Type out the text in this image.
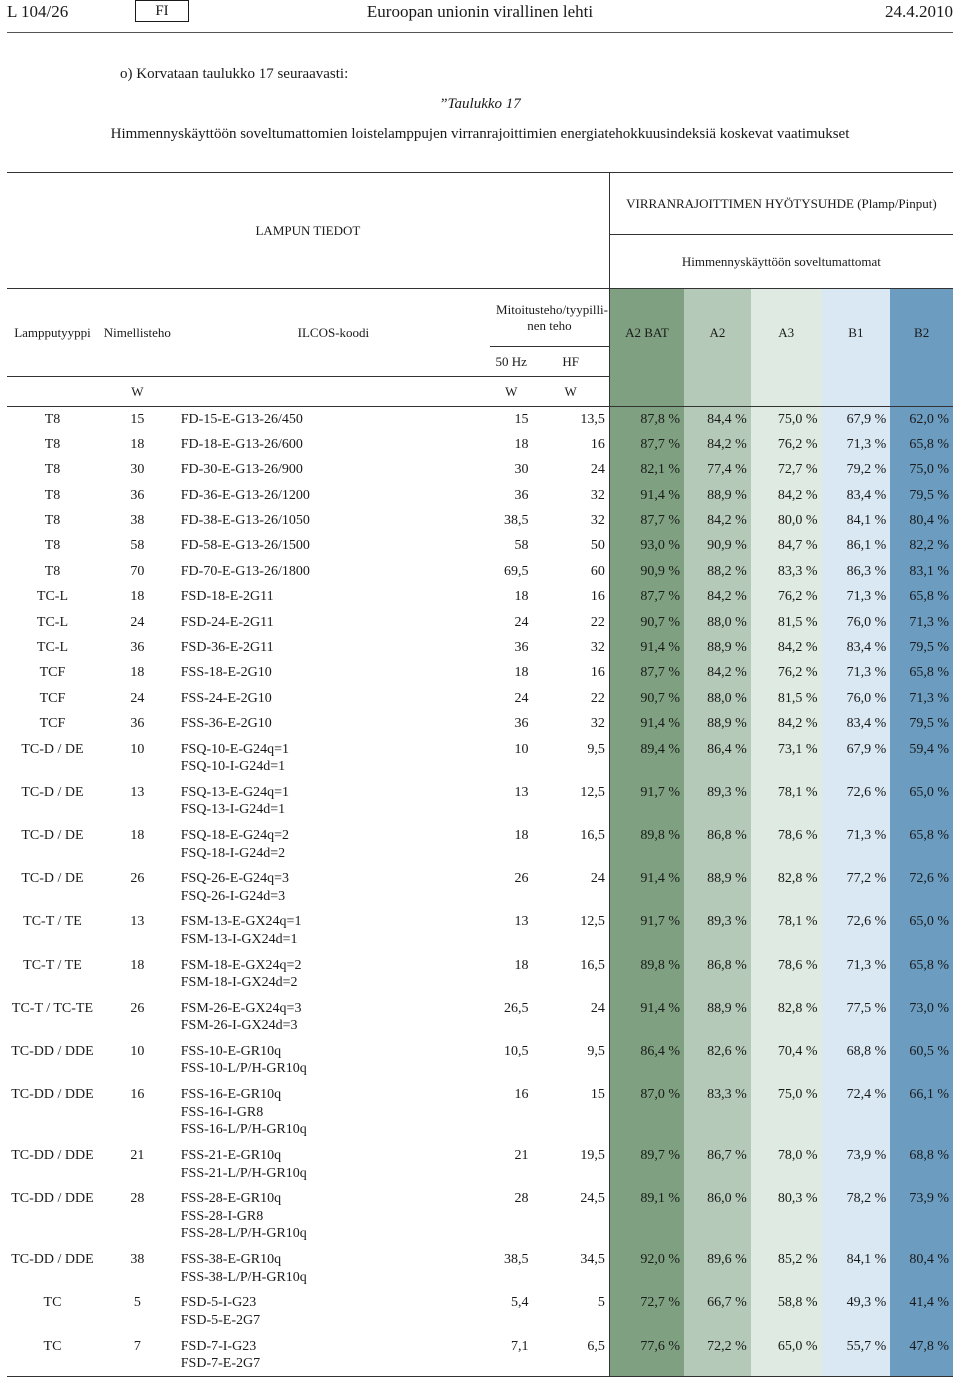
L 104/26	FI	Euroopan unionin virallinen lehti	24.4.2010
o) Korvataan taulukko 17 seuraavasti:
”Taulukko 17
Himmennyskäyttöön soveltumattomien loistelamppujen virranrajoittimien energiatehokkuusindeksiä koskevat vaatimukset
LAMPUN TIEDOT					VIRRANRAJOITTIMEN HYÖTYSUHDE (Plamp/Pinput)				
					Himmennyskäyttöön soveltumattomat				
Lampputyyppi	Nimellisteho	ILCOS-koodi	Mitoitusteho/tyypillinen teho		A2 BAT	A2	A3	B1	B2
			50 Hz	HF					
	W		W	W					
T8	15	FD-15-E-G13-26/450	15	13,5	87,8 %	84,4 %	75,0 %	67,9 %	62,0 %
T8	18	FD-18-E-G13-26/600	18	16	87,7 %	84,2 %	76,2 %	71,3 %	65,8 %
T8	30	FD-30-E-G13-26/900	30	24	82,1 %	77,4 %	72,7 %	79,2 %	75,0 %
T8	36	FD-36-E-G13-26/1200	36	32	91,4 %	88,9 %	84,2 %	83,4 %	79,5 %
T8	38	FD-38-E-G13-26/1050	38,5	32	87,7 %	84,2 %	80,0 %	84,1 %	80,4 %
T8	58	FD-58-E-G13-26/1500	58	50	93,0 %	90,9 %	84,7 %	86,1 %	82,2 %
T8	70	FD-70-E-G13-26/1800	69,5	60	90,9 %	88,2 %	83,3 %	86,3 %	83,1 %
TC-L	18	FSD-18-E-2G11	18	16	87,7 %	84,2 %	76,2 %	71,3 %	65,8 %
TC-L	24	FSD-24-E-2G11	24	22	90,7 %	88,0 %	81,5 %	76,0 %	71,3 %
TC-L	36	FSD-36-E-2G11	36	32	91,4 %	88,9 %	84,2 %	83,4 %	79,5 %
TCF	18	FSS-18-E-2G10	18	16	87,7 %	84,2 %	76,2 %	71,3 %	65,8 %
TCF	24	FSS-24-E-2G10	24	22	90,7 %	88,0 %	81,5 %	76,0 %	71,3 %
TCF	36	FSS-36-E-2G10	36	32	91,4 %	88,9 %	84,2 %	83,4 %	79,5 %
TC-D / DE	10	FSQ-10-E-G24q=1
FSQ-10-I-G24d=1	10	9,5	89,4 %	86,4 %	73,1 %	67,9 %	59,4 %
TC-D / DE	13	FSQ-13-E-G24q=1
FSQ-13-I-G24d=1	13	12,5	91,7 %	89,3 %	78,1 %	72,6 %	65,0 %
TC-D / DE	18	FSQ-18-E-G24q=2
FSQ-18-I-G24d=2	18	16,5	89,8 %	86,8 %	78,6 %	71,3 %	65,8 %
TC-D / DE	26	FSQ-26-E-G24q=3
FSQ-26-I-G24d=3	26	24	91,4 %	88,9 %	82,8 %	77,2 %	72,6 %
TC-T / TE	13	FSM-13-E-GX24q=1
FSM-13-I-GX24d=1	13	12,5	91,7 %	89,3 %	78,1 %	72,6 %	65,0 %
TC-T / TE	18	FSM-18-E-GX24q=2
FSM-18-I-GX24d=2	18	16,5	89,8 %	86,8 %	78,6 %	71,3 %	65,8 %
TC-T / TC-TE	26	FSM-26-E-GX24q=3
FSM-26-I-GX24d=3	26,5	24	91,4 %	88,9 %	82,8 %	77,5 %	73,0 %
TC-DD / DDE	10	FSS-10-E-GR10q
FSS-10-L/P/H-GR10q	10,5	9,5	86,4 %	82,6 %	70,4 %	68,8 %	60,5 %
TC-DD / DDE	16	FSS-16-E-GR10q
FSS-16-I-GR8
FSS-16-L/P/H-GR10q	16	15	87,0 %	83,3 %	75,0 %	72,4 %	66,1 %
TC-DD / DDE	21	FSS-21-E-GR10q
FSS-21-L/P/H-GR10q	21	19,5	89,7 %	86,7 %	78,0 %	73,9 %	68,8 %
TC-DD / DDE	28	FSS-28-E-GR10q
FSS-28-I-GR8
FSS-28-L/P/H-GR10q	28	24,5	89,1 %	86,0 %	80,3 %	78,2 %	73,9 %
TC-DD / DDE	38	FSS-38-E-GR10q
FSS-38-L/P/H-GR10q	38,5	34,5	92,0 %	89,6 %	85,2 %	84,1 %	80,4 %
TC	5	FSD-5-I-G23
FSD-5-E-2G7	5,4	5	72,7 %	66,7 %	58,8 %	49,3 %	41,4 %
TC	7	FSD-7-I-G23
FSD-7-E-2G7	7,1	6,5	77,6 %	72,2 %	65,0 %	55,7 %	47,8 %
